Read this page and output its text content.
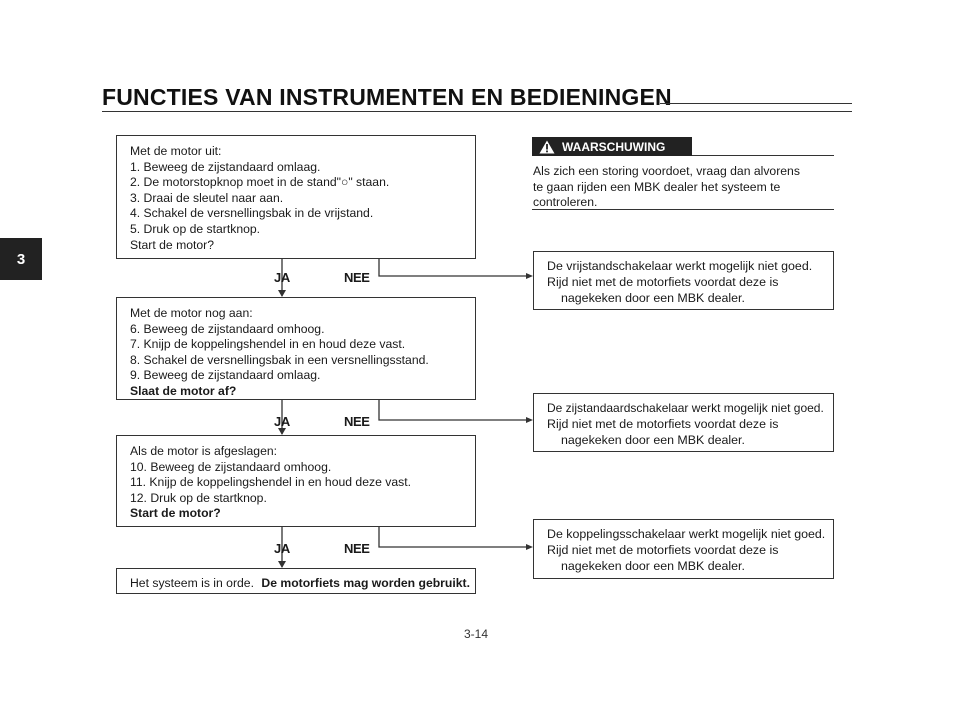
FUNCTIES VAN INSTRUMENTEN EN BEDIENINGEN
3
Met de motor uit:
1. Beweeg de zijstandaard omlaag.
2. De motorstopknop moet in de stand"○" staan.
3. Draai de sleutel naar aan.
4. Schakel de versnellingsbak in de vrijstand.
5. Druk op de startknop.
Start de motor?
JA	NEE
Met de motor nog aan:
6. Beweeg de zijstandaard omhoog.
7. Knijp de koppelingshendel in en houd deze vast.
8. Schakel de versnellingsbak in een versnellingsstand.
9. Beweeg de zijstandaard omlaag.
Slaat de motor af?
JA	NEE
Als de motor is afgeslagen:
10. Beweeg de zijstandaard omhoog.
11. Knijp de koppelingshendel in en houd deze vast.
12. Druk op de startknop.
Start de motor?
JA	NEE
Het systeem is in orde. De motorfiets mag worden gebruikt.
WAARSCHUWING
Als zich een storing voordoet, vraag dan alvorens
te gaan rijden een MBK dealer het systeem te
controleren.
De vrijstandschakelaar werkt mogelijk niet goed.
Rijd niet met de motorfiets voordat deze is
nagekeken door een MBK dealer.
De zijstandaardschakelaar werkt mogelijk niet goed.
Rijd niet met de motorfiets voordat deze is
nagekeken door een MBK dealer.
De koppelingsschakelaar werkt mogelijk niet goed.
Rijd niet met de motorfiets voordat deze is
nagekeken door een MBK dealer.
3-14
